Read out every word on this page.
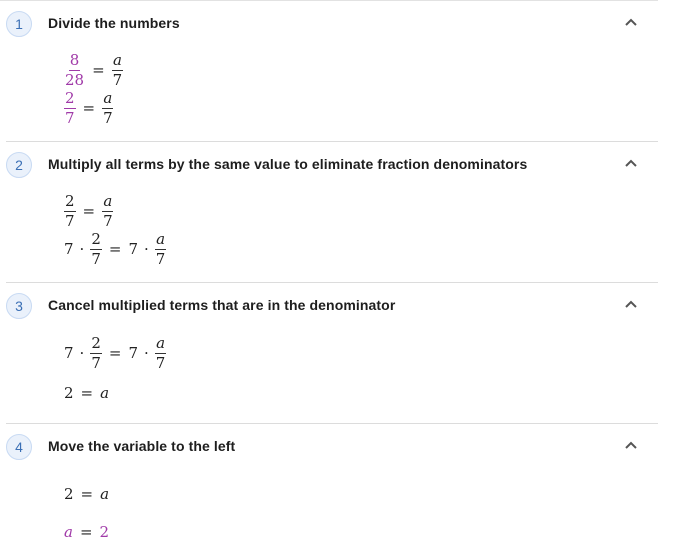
1	Divide the numbers
$\frac{8}{28} = \frac{a}{7}$
$\frac{2}{7} = \frac{a}{7}$
2	Multiply all terms by the same value to eliminate fraction denominators
$\frac{2}{7} = \frac{a}{7}$
$7 \cdot \frac{2}{7} = 7 \cdot \frac{a}{7}$
3	Cancel multiplied terms that are in the denominator
$7 \cdot \frac{2}{7} = 7 \cdot \frac{a}{7}$
2 = a
4	Move the variable to the left
2 = a
a = 2
